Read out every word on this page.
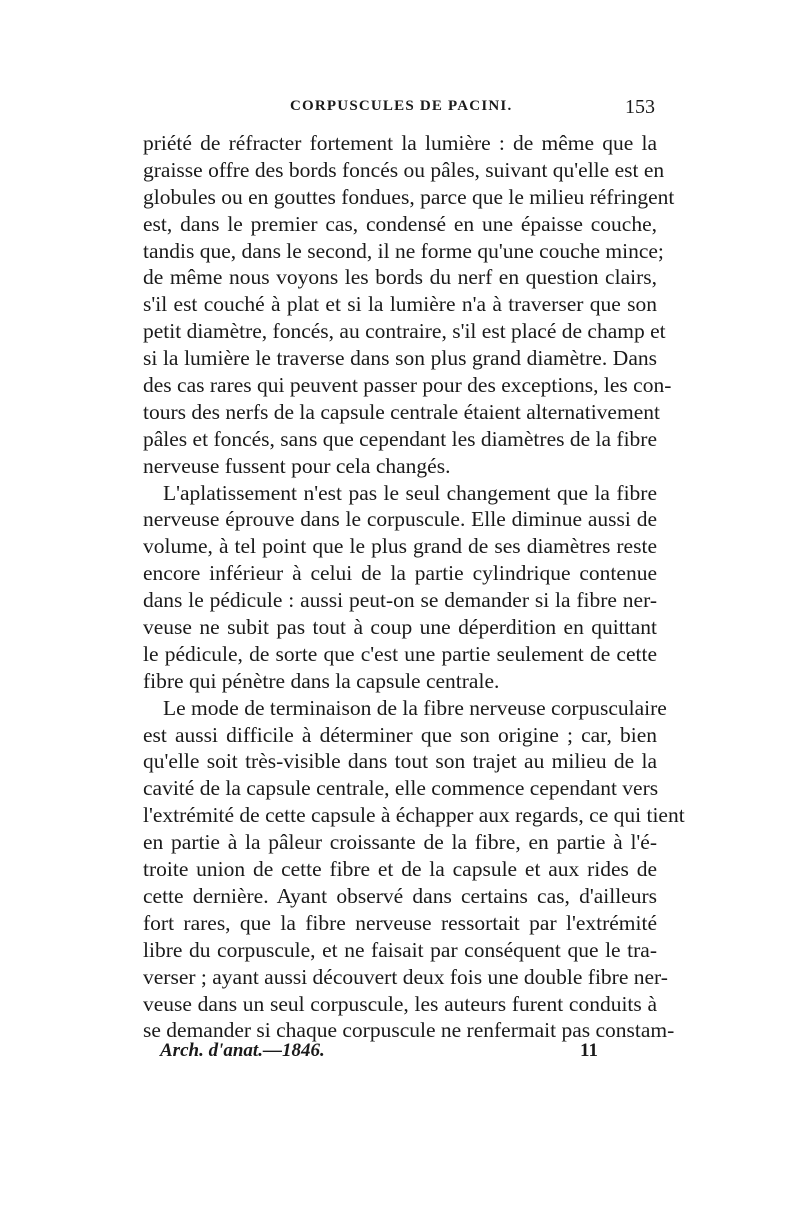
CORPUSCULES DE PACINI.	153
priété de réfracter fortement la lumière : de même que la
graisse offre des bords foncés ou pâles, suivant qu'elle est en
globules ou en gouttes fondues, parce que le milieu réfringent
est, dans le premier cas, condensé en une épaisse couche,
tandis que, dans le second, il ne forme qu'une couche mince;
de même nous voyons les bords du nerf en question clairs,
s'il est couché à plat et si la lumière n'a à traverser que son
petit diamètre, foncés, au contraire, s'il est placé de champ et
si la lumière le traverse dans son plus grand diamètre. Dans
des cas rares qui peuvent passer pour des exceptions, les con-
tours des nerfs de la capsule centrale étaient alternativement
pâles et foncés, sans que cependant les diamètres de la fibre
nerveuse fussent pour cela changés.
L'aplatissement n'est pas le seul changement que la fibre
nerveuse éprouve dans le corpuscule. Elle diminue aussi de
volume, à tel point que le plus grand de ses diamètres reste
encore inférieur à celui de la partie cylindrique contenue
dans le pédicule : aussi peut-on se demander si la fibre ner-
veuse ne subit pas tout à coup une déperdition en quittant
le pédicule, de sorte que c'est une partie seulement de cette
fibre qui pénètre dans la capsule centrale.
Le mode de terminaison de la fibre nerveuse corpusculaire
est aussi difficile à déterminer que son origine ; car, bien
qu'elle soit très-visible dans tout son trajet au milieu de la
cavité de la capsule centrale, elle commence cependant vers
l'extrémité de cette capsule à échapper aux regards, ce qui tient
en partie à la pâleur croissante de la fibre, en partie à l'é-
troite union de cette fibre et de la capsule et aux rides de
cette dernière. Ayant observé dans certains cas, d'ailleurs
fort rares, que la fibre nerveuse ressortait par l'extrémité
libre du corpuscule, et ne faisait par conséquent que le tra-
verser ; ayant aussi découvert deux fois une double fibre ner-
veuse dans un seul corpuscule, les auteurs furent conduits à
se demander si chaque corpuscule ne renfermait pas constam-
Arch. d'anat.—1846.	11
